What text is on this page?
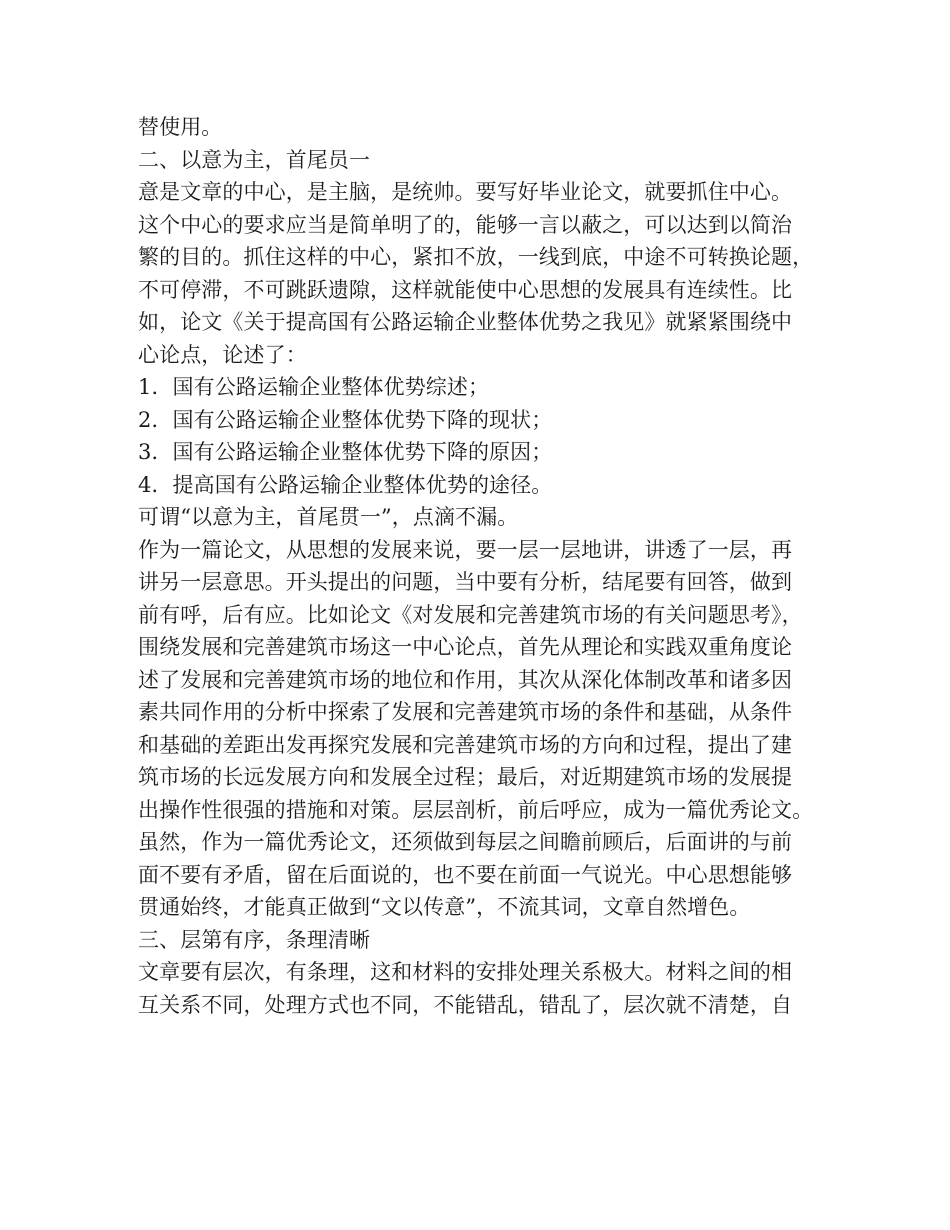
替使用。
二、以意为主，首尾员一
意是文章的中心，是主脑，是统帅。要写好毕业论文，就要抓住中心。
这个中心的要求应当是简单明了的，能够一言以蔽之，可以达到以简治
繁的目的。抓住这样的中心，紧扣不放，一线到底，中途不可转换论题，
不可停滞，不可跳跃遗隙，这样就能使中心思想的发展具有连续性。比
如，论文《关于提高国有公路运输企业整体优势之我见》就紧紧围绕中
心论点，论述了：
1．国有公路运输企业整体优势综述；
2．国有公路运输企业整体优势下降的现状；
3．国有公路运输企业整体优势下降的原因；
4．提高国有公路运输企业整体优势的途径。
可谓“以意为主，首尾贯一”，点滴不漏。
作为一篇论文，从思想的发展来说，要一层一层地讲，讲透了一层，再
讲另一层意思。开头提出的问题，当中要有分析，结尾要有回答，做到
前有呼，后有应。比如论文《对发展和完善建筑市场的有关问题思考》，
围绕发展和完善建筑市场这一中心论点，首先从理论和实践双重角度论
述了发展和完善建筑市场的地位和作用，其次从深化体制改革和诸多因
素共同作用的分析中探索了发展和完善建筑市场的条件和基础，从条件
和基础的差距出发再探究发展和完善建筑市场的方向和过程，提出了建
筑市场的长远发展方向和发展全过程；最后，对近期建筑市场的发展提
出操作性很强的措施和对策。层层剖析，前后呼应，成为一篇优秀论文。
虽然，作为一篇优秀论文，还须做到每层之间瞻前顾后，后面讲的与前
面不要有矛盾，留在后面说的，也不要在前面一气说光。中心思想能够
贯通始终，才能真正做到“文以传意”，不流其词，文章自然增色。
三、层第有序，条理清晰
文章要有层次，有条理，这和材料的安排处理关系极大。材料之间的相
互关系不同，处理方式也不同，不能错乱，错乱了，层次就不清楚，自
